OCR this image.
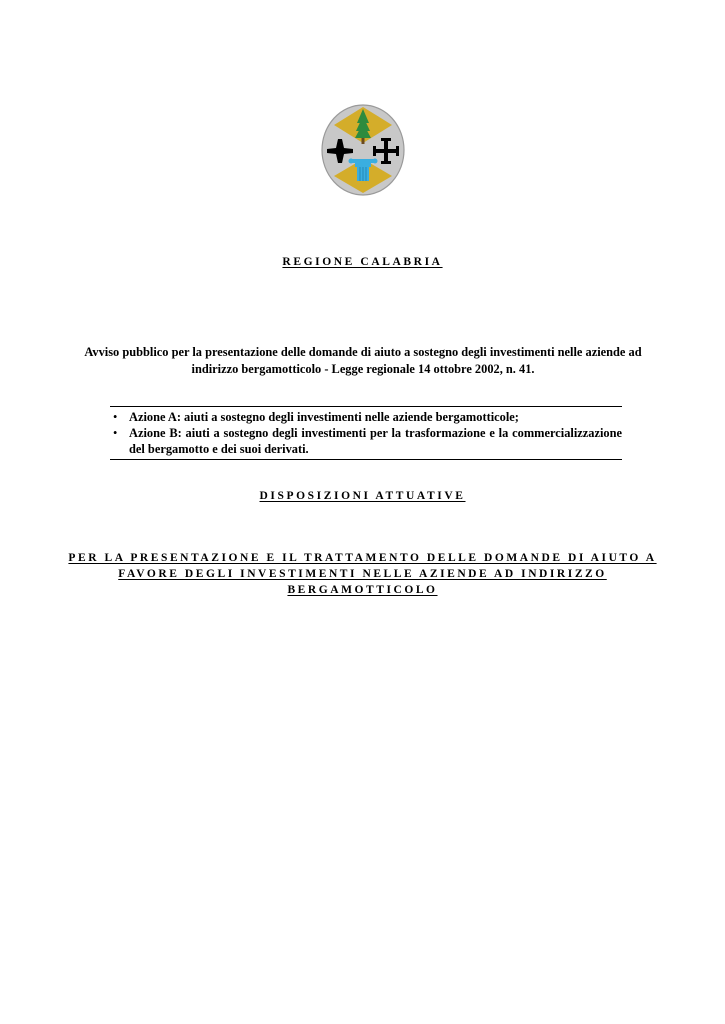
REGIONE CALABRIA
Avviso pubblico per la presentazione delle domande di aiuto a sostegno degli investimenti nelle aziende ad indirizzo bergamotticolo - Legge regionale 14 ottobre 2002, n. 41.
• Azione A: aiuti a sostegno degli investimenti nelle aziende bergamotticole;
• Azione B: aiuti a sostegno degli investimenti per la trasformazione e la commercializzazione del bergamotto e dei suoi derivati.
DISPOSIZIONI ATTUATIVE
PER LA PRESENTAZIONE E IL TRATTAMENTO DELLE DOMANDE DI AIUTO A FAVORE DEGLI INVESTIMENTI NELLE AZIENDE AD INDIRIZZO BERGAMOTTICOLO
